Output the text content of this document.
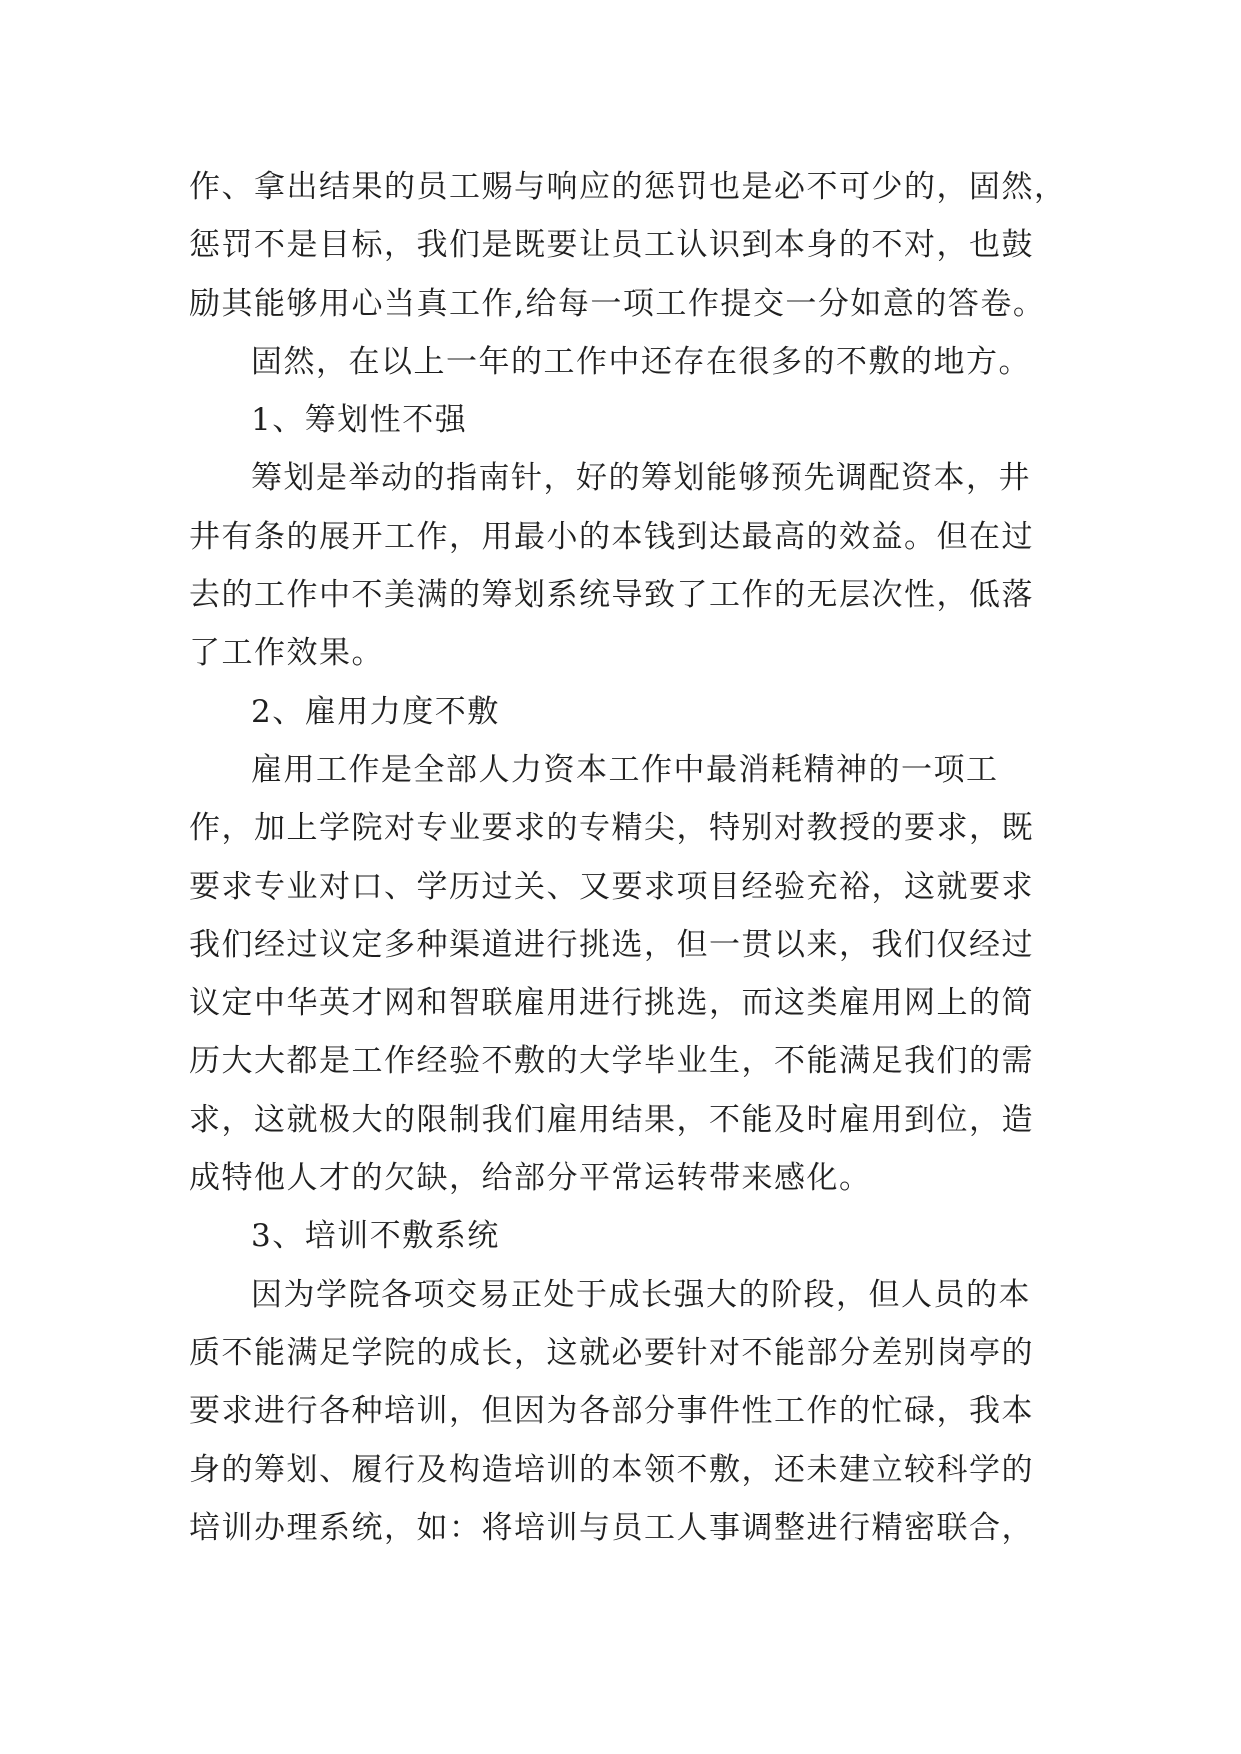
作、拿出结果的员工赐与响应的惩罚也是必不可少的，固然，
惩罚不是目标，我们是既要让员工认识到本身的不对，也鼓
励其能够用心当真工作,给每一项工作提交一分如意的答卷。
固然，在以上一年的工作中还存在很多的不敷的地方。
1、筹划性不强
筹划是举动的指南针，好的筹划能够预先调配资本，井
井有条的展开工作，用最小的本钱到达最高的效益。但在过
去的工作中不美满的筹划系统导致了工作的无层次性，低落
了工作效果。
2、雇用力度不敷
雇用工作是全部人力资本工作中最消耗精神的一项工
作，加上学院对专业要求的专精尖，特别对教授的要求，既
要求专业对口、学历过关、又要求项目经验充裕，这就要求
我们经过议定多种渠道进行挑选，但一贯以来，我们仅经过
议定中华英才网和智联雇用进行挑选，而这类雇用网上的简
历大大都是工作经验不敷的大学毕业生，不能满足我们的需
求，这就极大的限制我们雇用结果，不能及时雇用到位，造
成特他人才的欠缺，给部分平常运转带来感化。
3、培训不敷系统
因为学院各项交易正处于成长强大的阶段，但人员的本
质不能满足学院的成长，这就必要针对不能部分差别岗亭的
要求进行各种培训，但因为各部分事件性工作的忙碌，我本
身的筹划、履行及构造培训的本领不敷，还未建立较科学的
培训办理系统，如：将培训与员工人事调整进行精密联合，
